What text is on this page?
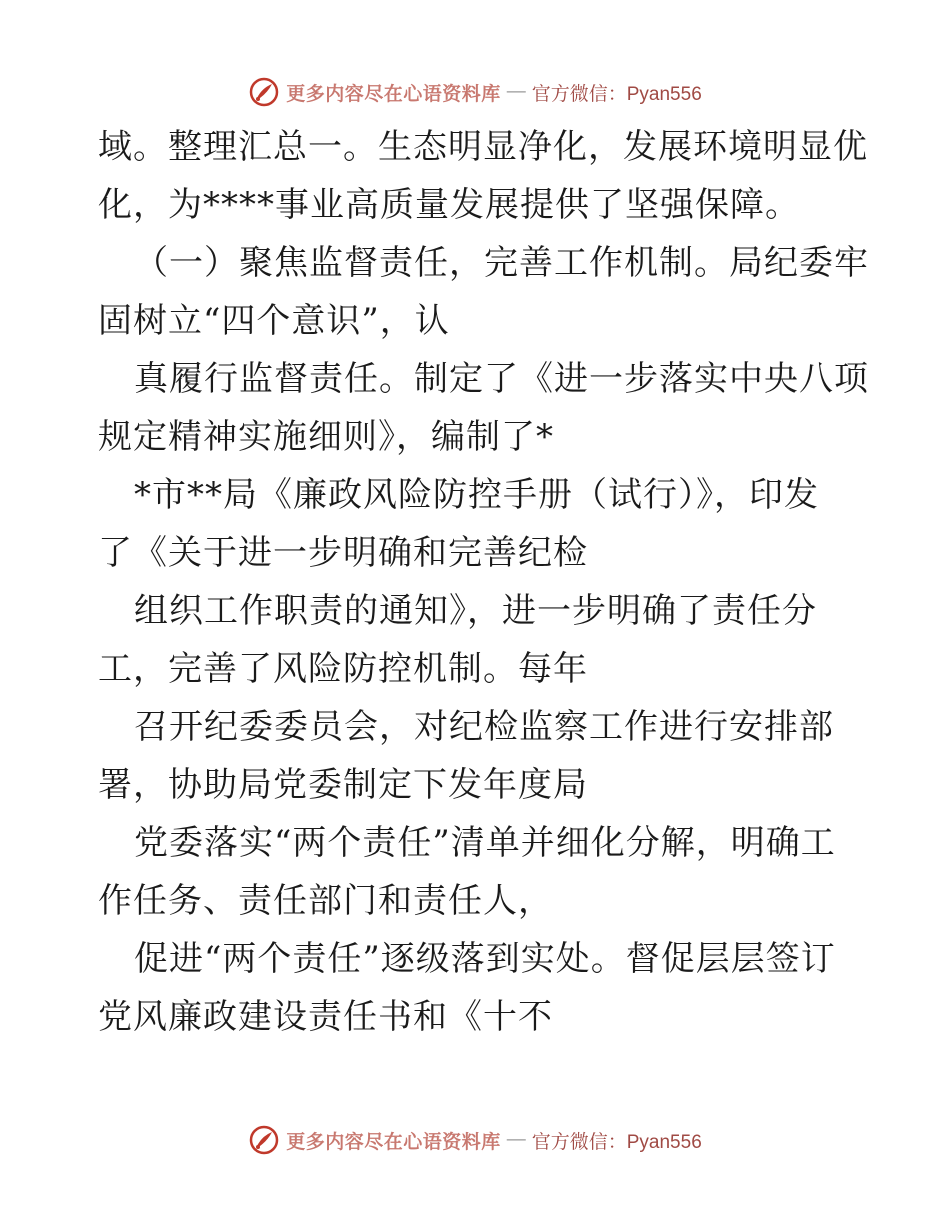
更多内容尽在心语资料库 — 官方微信：Pyan556
域。整理汇总一。生态明显净化，发展环境明显优
化，为****事业高质量发展提供了坚强保障。
（一）聚焦监督责任，完善工作机制。局纪委牢
固树立“四个意识”，认
真履行监督责任。制定了《进一步落实中央八项
规定精神实施细则》，编制了*
*市**局《廉政风险防控手册（试行）》，印发
了《关于进一步明确和完善纪检
组织工作职责的通知》，进一步明确了责任分
工，完善了风险防控机制。每年
召开纪委委员会，对纪检监察工作进行安排部
署，协助局党委制定下发年度局
党委落实“两个责任”清单并细化分解，明确工
作任务、责任部门和责任人，
促进“两个责任”逐级落到实处。督促层层签订
党风廉政建设责任书和《十不
更多内容尽在心语资料库 — 官方微信：Pyan556
